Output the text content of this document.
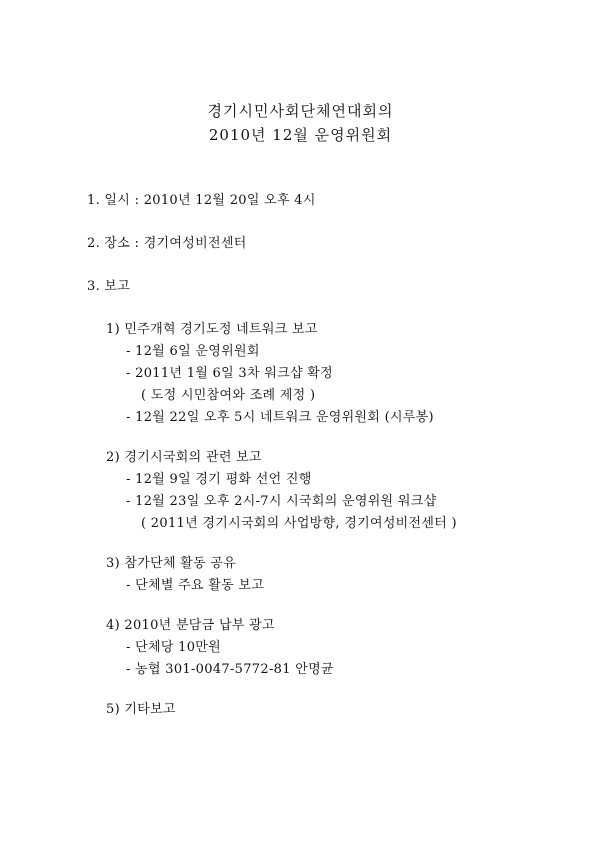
경기시민사회단체연대회의
2010년 12월 운영위원회
1. 일시 : 2010년 12월 20일 오후 4시
2. 장소 : 경기여성비전센터
3. 보고
1) 민주개혁 경기도정 네트워크 보고
- 12월 6일 운영위원회
- 2011년 1월 6일 3차 워크샵 확정
( 도정 시민참여와 조례 제정 )
- 12월 22일 오후 5시 네트워크 운영위원회 (시루봉)
2) 경기시국회의 관련 보고
- 12월 9일 경기 평화 선언 진행
- 12월 23일 오후 2시-7시 시국회의 운영위원 워크샵
( 2011년 경기시국회의 사업방향, 경기여성비전센터 )
3) 참가단체 활동 공유
- 단체별 주요 활동 보고
4) 2010년 분담금 납부 광고
- 단체당 10만원
- 농협 301-0047-5772-81 안명균
5) 기타보고
